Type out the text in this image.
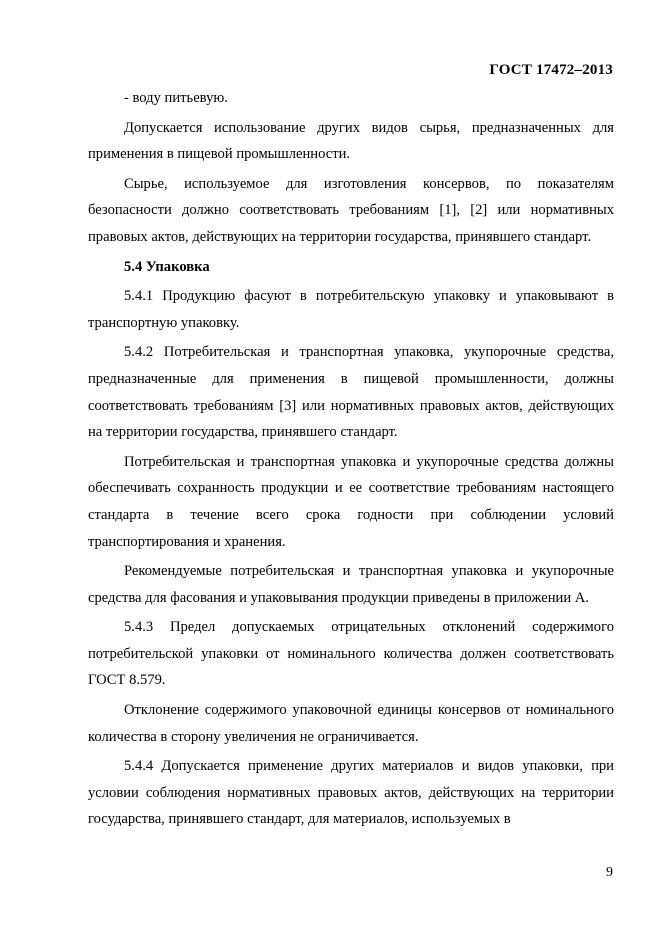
ГОСТ 17472–2013

- воду питьевую.

Допускается использование других видов сырья, предназначенных для применения в пищевой промышленности.

Сырье, используемое для изготовления консервов, по показателям безопасности должно соответствовать требованиям [1], [2] или нормативных правовых актов, действующих на территории государства, принявшего стандарт.

5.4 Упаковка

5.4.1 Продукцию фасуют в потребительскую упаковку и упаковывают в транспортную упаковку.

5.4.2 Потребительская и транспортная упаковка, укупорочные средства, предназначенные для применения в пищевой промышленности, должны соответствовать требованиям [3] или нормативных правовых актов, действующих на территории государства, принявшего стандарт.

Потребительская и транспортная упаковка и укупорочные средства должны обеспечивать сохранность продукции и ее соответствие требованиям настоящего стандарта в течение всего срока годности при соблюдении условий транспортирования и хранения.

Рекомендуемые потребительская и транспортная упаковка и укупорочные средства для фасования и упаковывания продукции приведены в приложении А.

5.4.3 Предел допускаемых отрицательных отклонений содержимого потребительской упаковки от номинального количества должен соответствовать ГОСТ 8.579.

Отклонение содержимого упаковочной единицы консервов от номинального количества в сторону увеличения не ограничивается.

5.4.4 Допускается применение других материалов и видов упаковки, при условии соблюдения нормативных правовых актов, действующих на территории государства, принявшего стандарт, для материалов, используемых в

9
